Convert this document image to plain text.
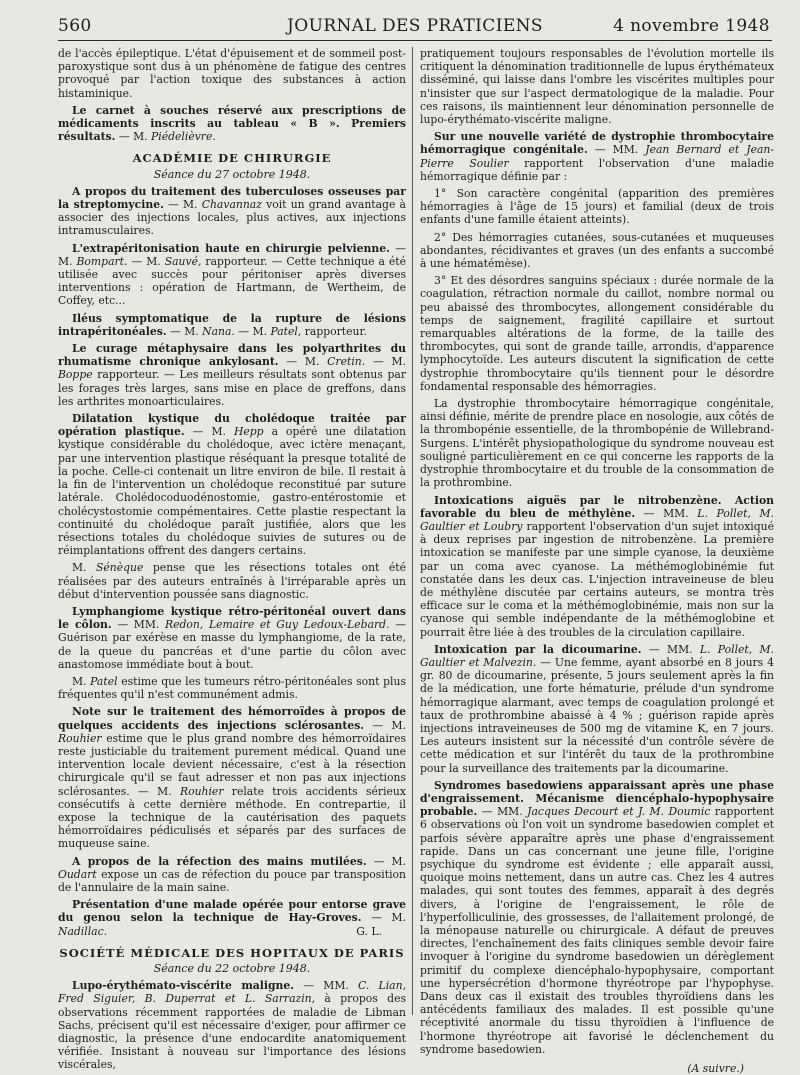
560	JOURNAL DES PRATICIENS	4 novembre 1948

de l'accès épileptique. L'état d'épuisement et de sommeil post-paroxystique sont dus à un phénomène de fatigue des centres provoqué par l'action toxique des substances à action histaminique.

Le carnet à souches réservé aux prescriptions de médicaments inscrits au tableau « B ». Premiers résultats. — M. Piédelièvre.

ACADÉMIE DE CHIRURGIE

Séance du 27 octobre 1948.

A propos du traitement des tuberculoses osseuses par la streptomycine. — M. Chavannaz voit un grand avantage à associer des injections locales, plus actives, aux injections intramusculaires.

L'extrapéritonisation haute en chirurgie pelvienne. — M. Bompart. — M. Sauvé, rapporteur. — Cette technique a été utilisée avec succès pour péritoniser après diverses interventions : opération de Hartmann, de Wertheim, de Coffey, etc...

Iléus symptomatique de la rupture de lésions intrapéritonéales. — M. Nana. — M. Patel, rapporteur.

Le curage métaphysaire dans les polyarthrites du rhumatisme chronique ankylosant. — M. Cretin. — M. Boppe rapporteur. — Les meilleurs résultats sont obtenus par les forages très larges, sans mise en place de greffons, dans les arthrites monoarticulaires.

Dilatation kystique du cholédoque traitée par opération plastique. — M. Hepp a opéré une dilatation kystique considérable du cholédoque, avec ictère menaçant, par une intervention plastique réséquant la presque totalité de la poche. Celle-ci contenait un litre environ de bile. Il restait à la fin de l'intervention un cholédoque reconstitué par suture latérale. Cholédocoduodénostomie, gastro-entérostomie et cholécystostomie compémentaires. Cette plastie respectant la continuité du cholédoque paraît justifiée, alors que les résections totales du cholédoque suivies de sutures ou de réimplantations offrent des dangers certains.

M. Sénèque pense que les résections totales ont été réalisées par des auteurs entraînés à l'irréparable après un début d'intervention poussée sans diagnostic.

Lymphangiome kystique rétro-péritonéal ouvert dans le côlon. — MM. Redon, Lemaire et Guy Ledoux-Lebard. — Guérison par exérèse en masse du lymphangiome, de la rate, de la queue du pancréas et d'une partie du côlon avec anastomose immédiate bout à bout.

M. Patel estime que les tumeurs rétro-péritonéales sont plus fréquentes qu'il n'est communément admis.

Note sur le traitement des hémorroïdes à propos de quelques accidents des injections sclérosantes. — M. Rouhier estime que le plus grand nombre des hémorroïdaires reste justiciable du traitement purement médical. Quand une intervention locale devient nécessaire, c'est à la résection chirurgicale qu'il se faut adresser et non pas aux injections sclérosantes. — M. Rouhier relate trois accidents sérieux consécutifs à cette dernière méthode. En contrepartie, il expose la technique de la cautérisation des paquets hémorroïdaires pédiculisés et séparés par des surfaces de muqueuse saine.

A propos de la réfection des mains mutilées. — M. Oudart expose un cas de réfection du pouce par transposition de l'annulaire de la main saine.

Présentation d'une malade opérée pour entorse grave du genou selon la technique de Hay-Groves. — M. Nadillac.	G. L.

SOCIÉTÉ MÉDICALE DES HOPITAUX DE PARIS

Séance du 22 octobre 1948.

Lupo-érythémato-viscérite maligne. — MM. C. Lian, Fred Siguier, B. Duperrat et L. Sarrazin, à propos des observations récemment rapportées de maladie de Libman Sachs, précisent qu'il est nécessaire d'exiger, pour affirmer ce diagnostic, la présence d'une endocardite anatomiquement vérifiée. Insistant à nouveau sur l'importance des lésions viscérales,

pratiquement toujours responsables de l'évolution mortelle ils critiquent la dénomination traditionnelle de lupus érythémateux disséminé, qui laisse dans l'ombre les viscérites multiples pour n'insister que sur l'aspect dermatologique de la maladie. Pour ces raisons, ils maintiennent leur dénomination personnelle de lupo-érythémato-viscérite maligne.

Sur une nouvelle variété de dystrophie thrombocytaire hémorragique congénitale. — MM. Jean Bernard et Jean-Pierre Soulier rapportent l'observation d'une maladie hémorragique définie par :

1° Son caractère congénital (apparition des premières hémorragies à l'âge de 15 jours) et familial (deux de trois enfants d'une famille étaient atteints).

2° Des hémorragies cutanées, sous-cutanées et muqueuses abondantes, récidivantes et graves (un des enfants a succombé à une hématémèse).

3° Et des désordres sanguins spéciaux : durée normale de la coagulation, rétraction normale du caillot, nombre normal ou peu abaissé des thrombocytes, allongement considérable du temps de saignement, fragilité capillaire et surtout remarquables altérations de la forme, de la taille des thrombocytes, qui sont de grande taille, arrondis, d'apparence lymphocytoïde. Les auteurs discutent la signification de cette dystrophie thrombocytaire qu'ils tiennent pour le désordre fondamental responsable des hémorragies.

La dystrophie thrombocytaire hémorragique congénitale, ainsi définie, mérite de prendre place en nosologie, aux côtés de la thrombopénie essentielle, de la thrombopénie de Willebrand-Surgens. L'intérêt physiopathologique du syndrome nouveau est souligné particulièrement en ce qui concerne les rapports de la dystrophie thrombocytaire et du trouble de la consommation de la prothrombine.

Intoxications aiguës par le nitrobenzène. Action favorable du bleu de méthylène. — MM. L. Pollet, M. Gaultier et Loubry rapportent l'observation d'un sujet intoxiqué à deux reprises par ingestion de nitrobenzène. La première intoxication se manifeste par une simple cyanose, la deuxième par un coma avec cyanose. La méthémoglobinémie fut constatée dans les deux cas. L'injection intraveineuse de bleu de méthylène discutée par certains auteurs, se montra très efficace sur le coma et la méthémoglobinémie, mais non sur la cyanose qui semble indépendante de la méthémoglobine et pourrait être liée à des troubles de la circulation capillaire.

Intoxication par la dicoumarine. — MM. L. Pollet, M. Gaultier et Malvezin. — Une femme, ayant absorbé en 8 jours 4 gr. 80 de dicoumarine, présente, 5 jours seulement après la fin de la médication, une forte hématurie, prélude d'un syndrome hémorragique alarmant, avec temps de coagulation prolongé et taux de prothrombine abaissé à 4 % ; guérison rapide après injections intraveineuses de 500 mg de vitamine K, en 7 jours. Les auteurs insistent sur la nécessité d'un contrôle sévère de cette médication et sur l'intérêt du taux de la prothrombine pour la surveillance des traitements par la dicoumarine.

Syndromes basedowiens apparaissant après une phase d'engraissement. Mécanisme diencéphalo-hypophysaire probable. — MM. Jacques Decourt et J. M. Doumic rapportent 6 observations où l'on voit un syndrome basedowien complet et parfois sévère apparaître après une phase d'engraissement rapide. Dans un cas concernant une jeune fille, l'origine psychique du syndrome est évidente ; elle apparaît aussi, quoique moins nettement, dans un autre cas. Chez les 4 autres malades, qui sont toutes des femmes, apparaît à des degrés divers, à l'origine de l'engraissement, le rôle de l'hyperfolliculinie, des grossesses, de l'allaitement prolongé, de la ménopause naturelle ou chirurgicale. A défaut de preuves directes, l'enchaînement des faits cliniques semble devoir faire invoquer à l'origine du syndrome basedowien un dérèglement primitif du complexe diencéphalo-hypophysaire, comportant une hypersécrétion d'hormone thyréotrope par l'hypophyse. Dans deux cas il existait des troubles thyroïdiens dans les antécédents familiaux des malades. Il est possible qu'une réceptivité anormale du tissu thyroïdien à l'influence de l'hormone thyréotrope ait favorisé le déclenchement du syndrome basedowien.

(A suivre.)
